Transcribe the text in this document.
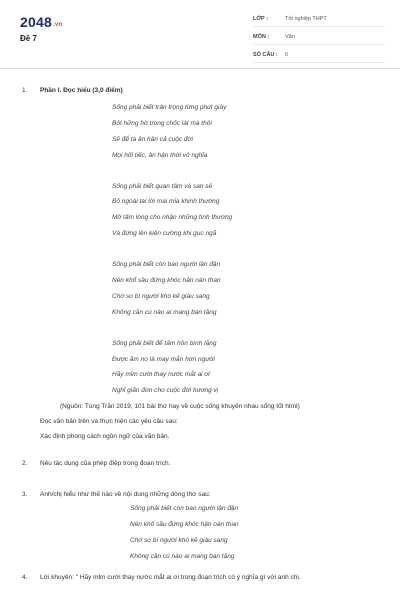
2048.vn
Đề 7
LỚP :	Tốt nghiệp THPT
MÔN :	Văn
SỐ CÂU :	6
1. Phần I. Đọc hiểu (3,0 điểm)
Sống phải biết trân trọng từng phút giây
Bởi hững hờ trong chốc lát mà thôi
Sẽ để ta ân hận cả cuộc đời
Mọi hối tiếc, ân hận thời vô nghĩa
Sống phải biết quan tâm và san sẻ
Bỏ ngoài tai lời mai mỉa khinh thường
Mở tấm lòng cho nhận những tình thương
Và đứng lên kiên cường khi gục ngã
Sống phải biết còn bao người lận đận
Nén khổ sầu đứng khóc hận oán than
Chớ so bì người khó kẻ giàu sang
Không cần cù nào ai mang ban tặng
Sống phải biết để tâm hồn bình lặng
Được ấm no là may mắn hơn người
Hãy mỉm cười thay nước mắt ai ơi
Nghĩ giản đơn cho cuộc đời hương vị
(Nguồn: Tùng Trần 2019, 101 bài thơ hay về cuộc sống khuyên nhau sống tốt html)
Đọc văn bản trên và thực hiện các yêu cầu sau:
Xác định phong cách ngôn ngữ của văn bản.
2. Nêu tác dụng của phép điệp trong đoạn trích.
3. Anh/chị hiểu như thế nào về nội dung những dòng thơ sau:
Sống phải biết còn bao người lận đận
Nén khổ sầu đứng khóc hận oán than
Chớ so bì người khó kẻ giàu sang
Không cần cù nào ai mang ban tặng
4. Lời khuyên: " Hãy mỉm cười thay nước mắt ai ơi trong đoạn trích có ý nghĩa gì với anh chị.
